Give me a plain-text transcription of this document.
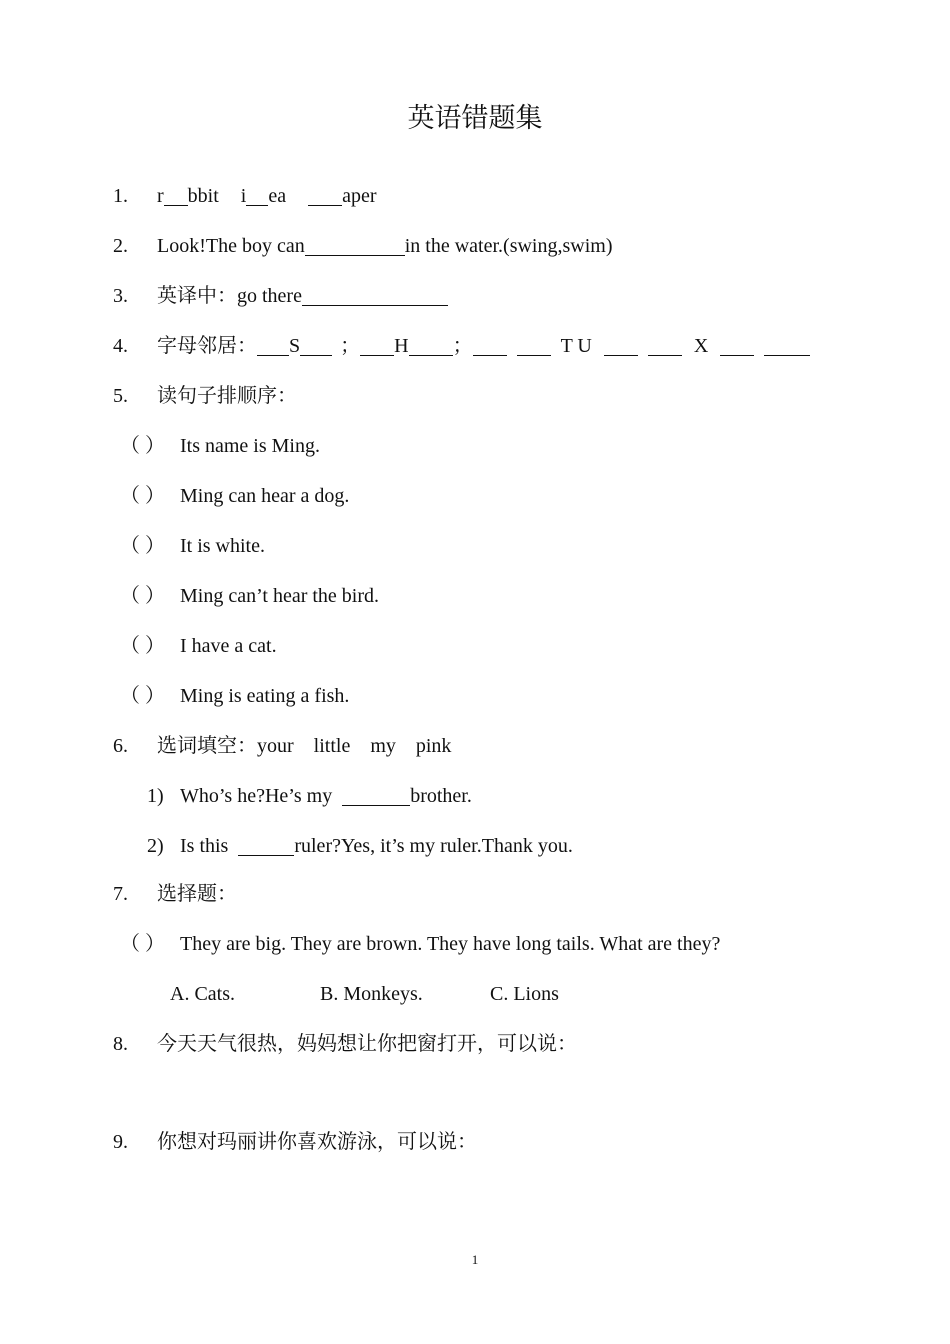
英语错题集
1. r bbit i ea	aper
2. Look!The boy can	in the water.(swing,swim)
3. 英译中：go there
4. 字母邻居： S ； H ；	T U	X
5. 读句子排顺序：
（ ） Its name is Ming.
（ ） Ming can hear a dog.
（ ） It is white.
（ ） Ming can’t hear the bird.
（ ） I have a cat.
（ ） Ming is eating a fish.
6. 选词填空：your    little    my    pink
1) Who’s he?He’s my	brother.
2) Is this	ruler?Yes, it’s my ruler.Thank you.
7. 选择题：
（ ） They are big. They are brown. They have long tails. What are they?
A. Cats.	B. Monkeys.	C. Lions
8. 今天天气很热，妈妈想让你把窗打开，可以说：
9. 你想对玛丽讲你喜欢游泳，可以说：
1
